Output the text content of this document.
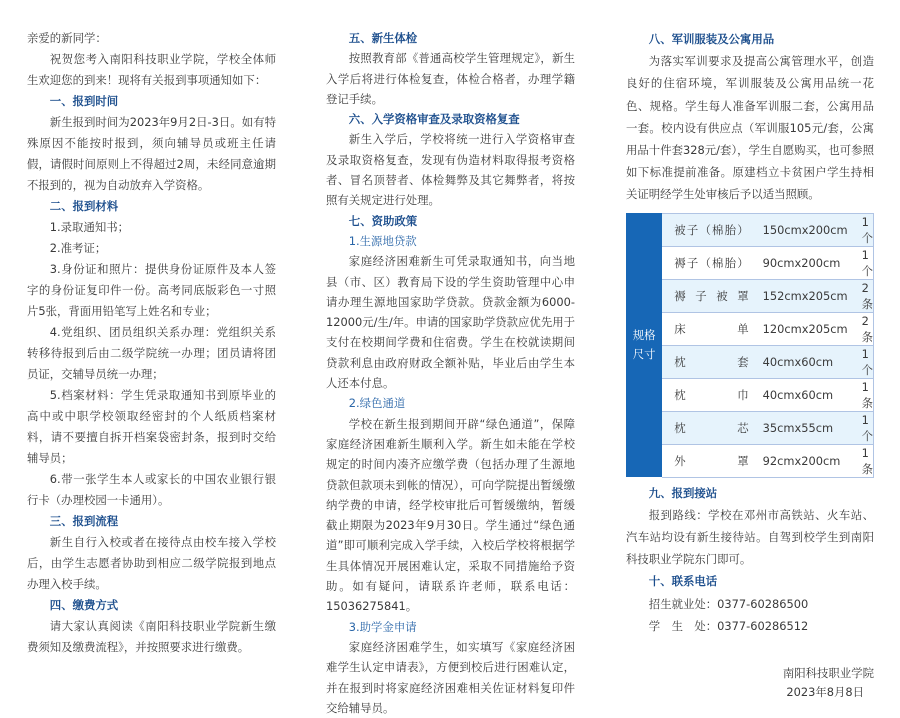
亲爱的新同学：

祝贺您考入南阳科技职业学院，学校全体师生欢迎您的到来！现将有关报到事项通知如下：

一、报到时间

新生报到时间为2023年9月2日-3日。如有特殊原因不能按时报到，须向辅导员或班主任请假，请假时间原则上不得超过2周，未经同意逾期不报到的，视为自动放弃入学资格。

二、报到材料

1.录取通知书；

2.准考证；

3.身份证和照片：提供身份证原件及本人签字的身份证复印件一份。高考同底版彩色一寸照片5张，背面用铅笔写上姓名和专业；

4.党组织、团员组织关系办理：党组织关系转移待报到后由二级学院统一办理；团员请将团员证，交辅导员统一办理；

5.档案材料：学生凭录取通知书到原毕业的高中或中职学校领取经密封的个人纸质档案材料，请不要擅自拆开档案袋密封条，报到时交给辅导员；

6.带一张学生本人或家长的中国农业银行银行卡（办理校园一卡通用）。

三、报到流程

新生自行入校或者在接待点由校车接入学校后，由学生志愿者协助到相应二级学院报到地点办理入校手续。

四、缴费方式

请大家认真阅读《南阳科技职业学院新生缴费须知及缴费流程》，并按照要求进行缴费。

五、新生体检

按照教育部《普通高校学生管理规定》，新生入学后将进行体检复查，体检合格者，办理学籍登记手续。

六、入学资格审查及录取资格复查

新生入学后，学校将统一进行入学资格审查及录取资格复查，发现有伪造材料取得报考资格者、冒名顶替者、体检舞弊及其它舞弊者，将按照有关规定进行处理。

七、资助政策

1.生源地贷款

家庭经济困难新生可凭录取通知书，向当地县（市、区）教育局下设的学生资助管理中心申请办理生源地国家助学贷款。贷款金额为6000-12000元/生/年。申请的国家助学贷款应优先用于支付在校期间学费和住宿费。学生在校就读期间贷款利息由政府财政全额补贴，毕业后由学生本人还本付息。

2.绿色通道

学校在新生报到期间开辟“绿色通道”，保障家庭经济困难新生顺利入学。新生如未能在学校规定的时间内凑齐应缴学费（包括办理了生源地贷款但款项未到帐的情况），可向学院提出暂缓缴纳学费的申请，经学校审批后可暂缓缴纳，暂缓截止期限为2023年9月30日。学生通过“绿色通道”即可顺利完成入学手续，入校后学校将根据学生具体情况开展困难认定，采取不同措施给予资助。如有疑问，请联系许老师，联系电话：15036275841。

3.助学金申请

家庭经济困难学生，如实填写《家庭经济困难学生认定申请表》，方便到校后进行困难认定，并在报到时将家庭经济困难相关佐证材料复印件交给辅导员。

八、军训服装及公寓用品

为落实军训要求及提高公寓管理水平，创造良好的住宿环境，军训服装及公寓用品统一花色、规格。学生每人准备军训服二套，公寓用品一套。校内设有供应点（军训服105元/套，公寓用品十件套328元/套），学生自愿购买，也可参照如下标准提前准备。原建档立卡贫困户学生持相关证明经学生处审核后予以适当照顾。

规格
尺寸	被子（棉胎）	150cmx200cm	1个
	褥子（棉胎）	90cmx200cm	1个
	褥子被罩	152cmx205cm	2条
	床单	120cmx205cm	2条
	枕套	40cmx60cm	1个
	枕巾	40cmx60cm	1条
	枕芯	35cmx55cm	1个
	外罩	92cmx200cm	1条

九、报到接站

报到路线：学校在邓州市高铁站、火车站、汽车站均设有新生接待站。自驾到校学生到南阳科技职业学院东门即可。

十、联系电话

招生就业处：0377-60286500

学　生　处：0377-60286512

南阳科技职业学院
2023年8月8日
